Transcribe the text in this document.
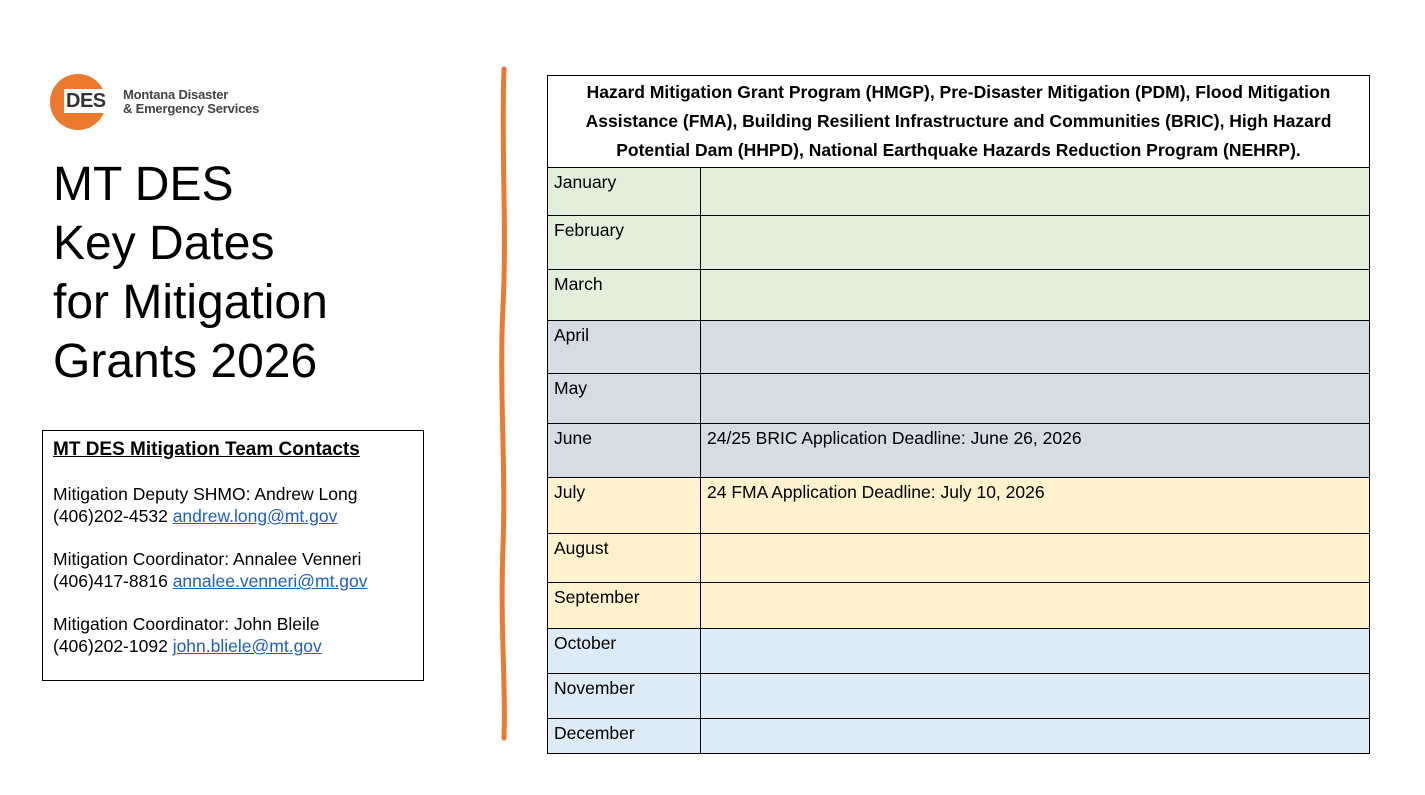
DES Montana Disaster
& Emergency Services
MT DES
Key Dates
for Mitigation
Grants 2026
MT DES Mitigation Team Contacts
Mitigation Deputy SHMO: Andrew Long
(406)202-4532 andrew.long@mt.gov
Mitigation Coordinator: Annalee Venneri
(406)417-8816 annalee.venneri@mt.gov
Mitigation Coordinator: John Bleile
(406)202-1092 john.bliele@mt.gov
Hazard Mitigation Grant Program (HMGP), Pre-Disaster Mitigation (PDM), Flood Mitigation Assistance (FMA), Building Resilient Infrastructure and Communities (BRIC), High Hazard Potential Dam (HHPD), National Earthquake Hazards Reduction Program (NEHRP).	
January	
February	
March	
April	
May	
June	24/25 BRIC Application Deadline: June 26, 2026
July	24 FMA Application Deadline: July 10, 2026
August	
September	
October	
November	
December	
